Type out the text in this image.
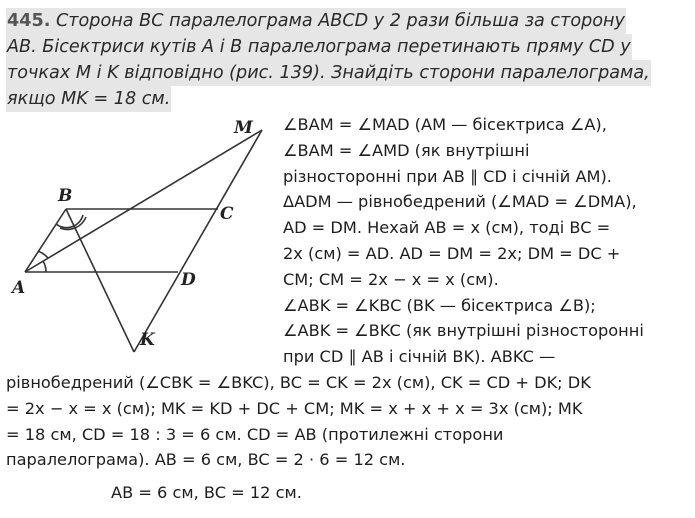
445. Сторона BC паралелограма ABCD у 2 рази більша за сторону
AB. Бісектриси кутів A і B паралелограма перетинають пряму CD у
точках M і K відповідно (рис. 139). Знайдіть сторони паралелограма,
якщо MK = 18 см.
A
B
C
D
M
K
∠BAM = ∠MAD (AM — бісектриса ∠A),
∠BAM = ∠AMD (як внутрішні
різносторонні при AB ∥ CD і січній AM).
ΔADM — рівнобедрений (∠MAD = ∠DMA),
AD = DM. Нехай AB = x (см), тоді BC =
2x (см) = AD. AD = DM = 2x; DM = DC +
CM; CM = 2x − x = x (см).
∠ABK = ∠KBC (BK — бісектриса ∠B);
∠ABK = ∠BKC (як внутрішні різносторонні
при CD ∥ AB і січній BK). ABKC —
рівнобедрений (∠CBK = ∠BKC), BC = CK = 2x (см), CK = CD + DK; DK
= 2x − x = x (см); MK = KD + DC + CM; MK = x + x + x = 3x (см); MK
= 18 см, CD = 18 : 3 = 6 см. CD = AB (протилежні сторони
паралелограма). AB = 6 см, BC = 2 · 6 = 12 см.
AB = 6 см, BC = 12 см.
